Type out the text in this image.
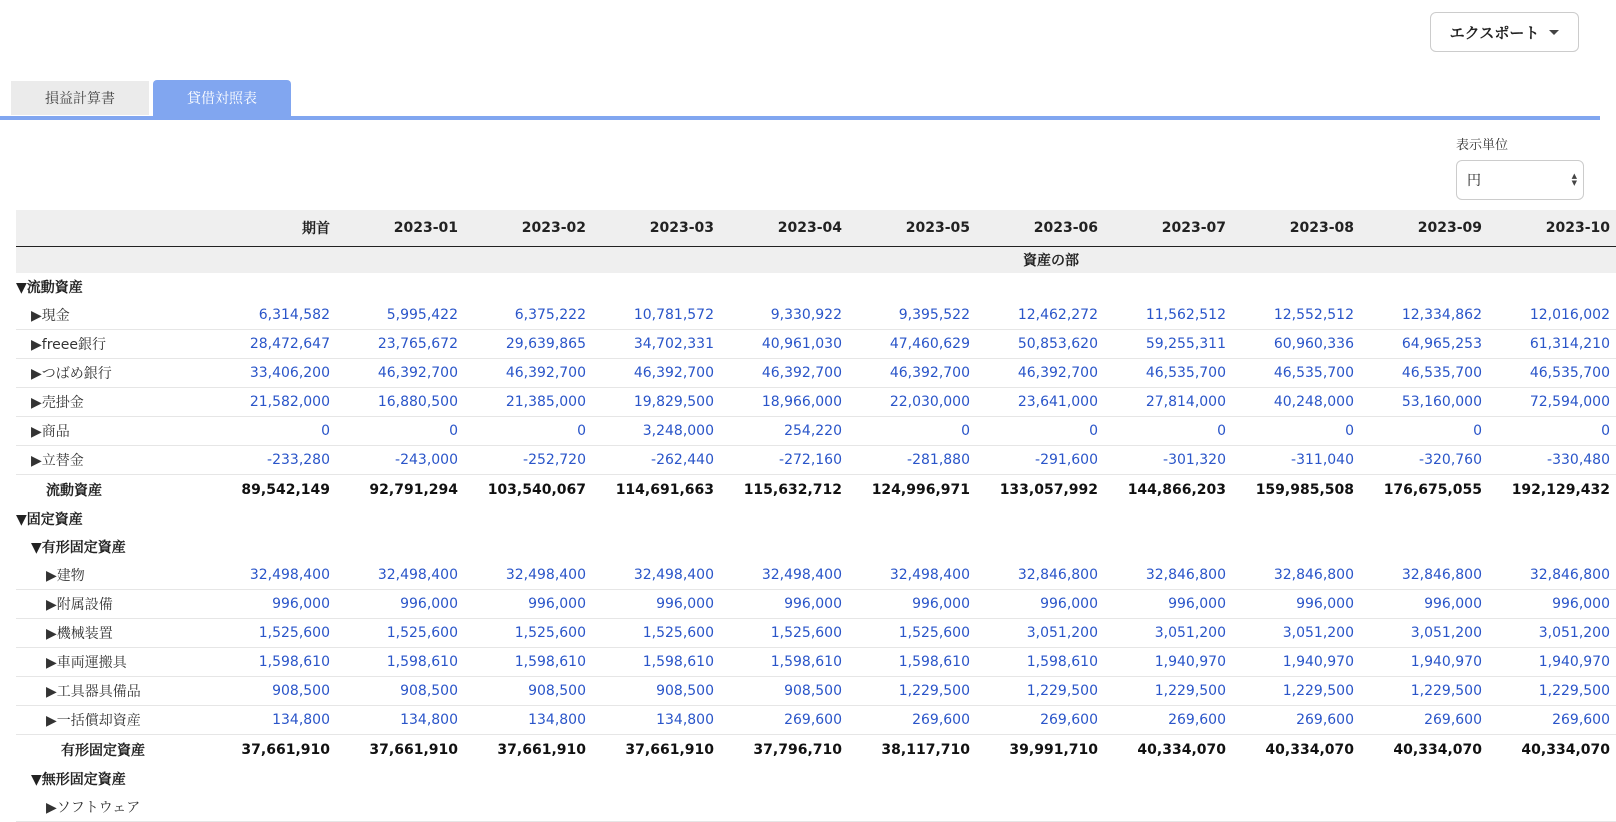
エクスポート
損益計算書	貸借対照表
表示単位
円	▲
▼
	期首	2023-01	2023-02	2023-03	2023-04	2023-05	2023-06	2023-07	2023-08	2023-09	2023-10
資産の部											
▼流動資産											
▶現金	6,314,582	5,995,422	6,375,222	10,781,572	9,330,922	9,395,522	12,462,272	11,562,512	12,552,512	12,334,862	12,016,002
▶freee銀行	28,472,647	23,765,672	29,639,865	34,702,331	40,961,030	47,460,629	50,853,620	59,255,311	60,960,336	64,965,253	61,314,210
▶つばめ銀行	33,406,200	46,392,700	46,392,700	46,392,700	46,392,700	46,392,700	46,392,700	46,535,700	46,535,700	46,535,700	46,535,700
▶売掛金	21,582,000	16,880,500	21,385,000	19,829,500	18,966,000	22,030,000	23,641,000	27,814,000	40,248,000	53,160,000	72,594,000
▶商品	0	0	0	3,248,000	254,220	0	0	0	0	0	0
▶立替金	-233,280	-243,000	-252,720	-262,440	-272,160	-281,880	-291,600	-301,320	-311,040	-320,760	-330,480
流動資産	89,542,149	92,791,294	103,540,067	114,691,663	115,632,712	124,996,971	133,057,992	144,866,203	159,985,508	176,675,055	192,129,432
▼固定資産											
▼有形固定資産											
▶建物	32,498,400	32,498,400	32,498,400	32,498,400	32,498,400	32,498,400	32,846,800	32,846,800	32,846,800	32,846,800	32,846,800
▶附属設備	996,000	996,000	996,000	996,000	996,000	996,000	996,000	996,000	996,000	996,000	996,000
▶機械装置	1,525,600	1,525,600	1,525,600	1,525,600	1,525,600	1,525,600	3,051,200	3,051,200	3,051,200	3,051,200	3,051,200
▶車両運搬具	1,598,610	1,598,610	1,598,610	1,598,610	1,598,610	1,598,610	1,598,610	1,940,970	1,940,970	1,940,970	1,940,970
▶工具器具備品	908,500	908,500	908,500	908,500	908,500	1,229,500	1,229,500	1,229,500	1,229,500	1,229,500	1,229,500
▶一括償却資産	134,800	134,800	134,800	134,800	269,600	269,600	269,600	269,600	269,600	269,600	269,600
有形固定資産	37,661,910	37,661,910	37,661,910	37,661,910	37,796,710	38,117,710	39,991,710	40,334,070	40,334,070	40,334,070	40,334,070
▼無形固定資産											
▶ソフトウェア											
